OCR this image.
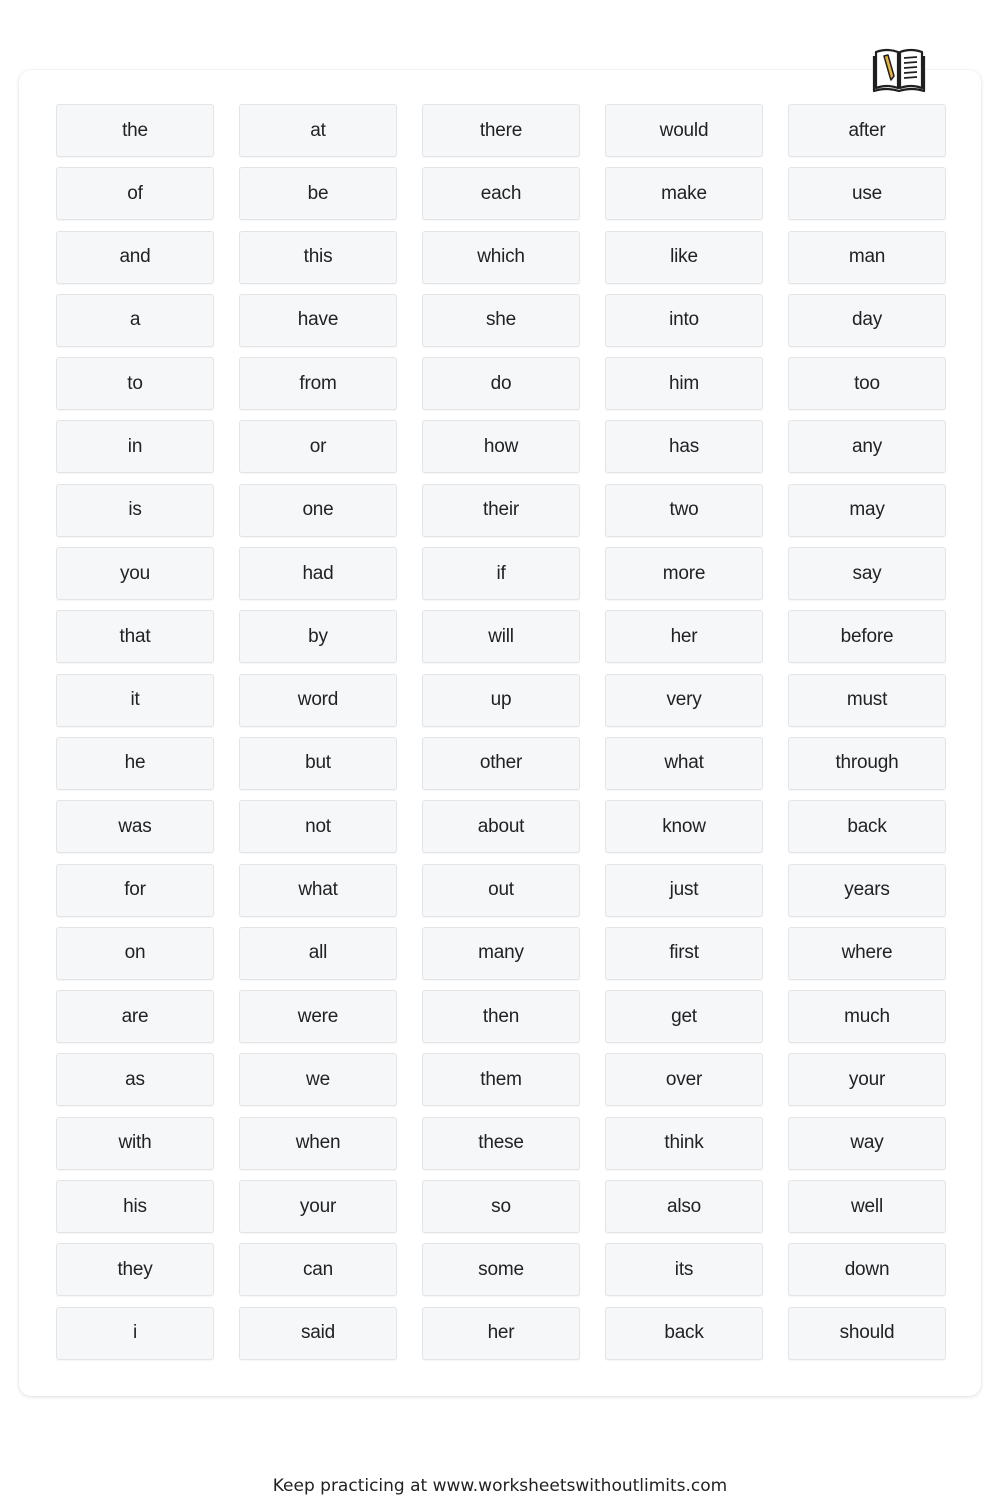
the	at	there	would	after
of	be	each	make	use
and	this	which	like	man
a	have	she	into	day
to	from	do	him	too
in	or	how	has	any
is	one	their	two	may
you	had	if	more	say
that	by	will	her	before
it	word	up	very	must
he	but	other	what	through
was	not	about	know	back
for	what	out	just	years
on	all	many	first	where
are	were	then	get	much
as	we	them	over	your
with	when	these	think	way
his	your	so	also	well
they	can	some	its	down
i	said	her	back	should
Keep practicing at www.worksheetswithoutlimits.com
